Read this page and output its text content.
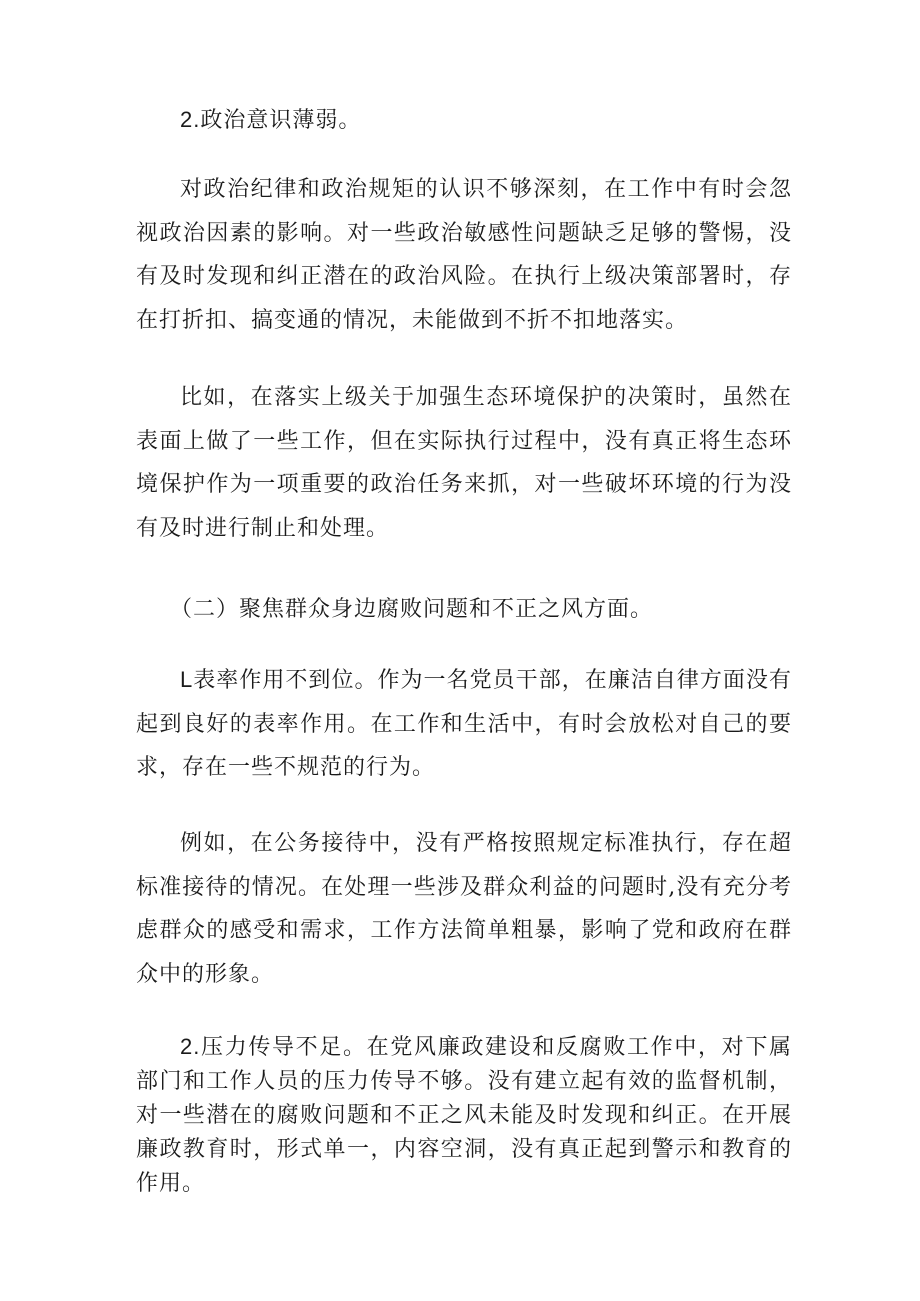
2.政治意识薄弱。

对政治纪律和政治规矩的认识不够深刻，在工作中有时会忽视政治因素的影响。对一些政治敏感性问题缺乏足够的警惕，没有及时发现和纠正潜在的政治风险。在执行上级决策部署时，存在打折扣、搞变通的情况，未能做到不折不扣地落实。

比如，在落实上级关于加强生态环境保护的决策时，虽然在表面上做了一些工作，但在实际执行过程中，没有真正将生态环境保护作为一项重要的政治任务来抓，对一些破坏环境的行为没有及时进行制止和处理。

（二）聚焦群众身边腐败问题和不正之风方面。

L表率作用不到位。作为一名党员干部，在廉洁自律方面没有起到良好的表率作用。在工作和生活中，有时会放松对自己的要求，存在一些不规范的行为。

例如，在公务接待中，没有严格按照规定标准执行，存在超标准接待的情况。在处理一些涉及群众利益的问题时,没有充分考虑群众的感受和需求，工作方法简单粗暴，影响了党和政府在群众中的形象。

2.压力传导不足。在党风廉政建设和反腐败工作中，对下属部门和工作人员的压力传导不够。没有建立起有效的监督机制，对一些潜在的腐败问题和不正之风未能及时发现和纠正。在开展廉政教育时，形式单一，内容空洞，没有真正起到警示和教育的作用。
